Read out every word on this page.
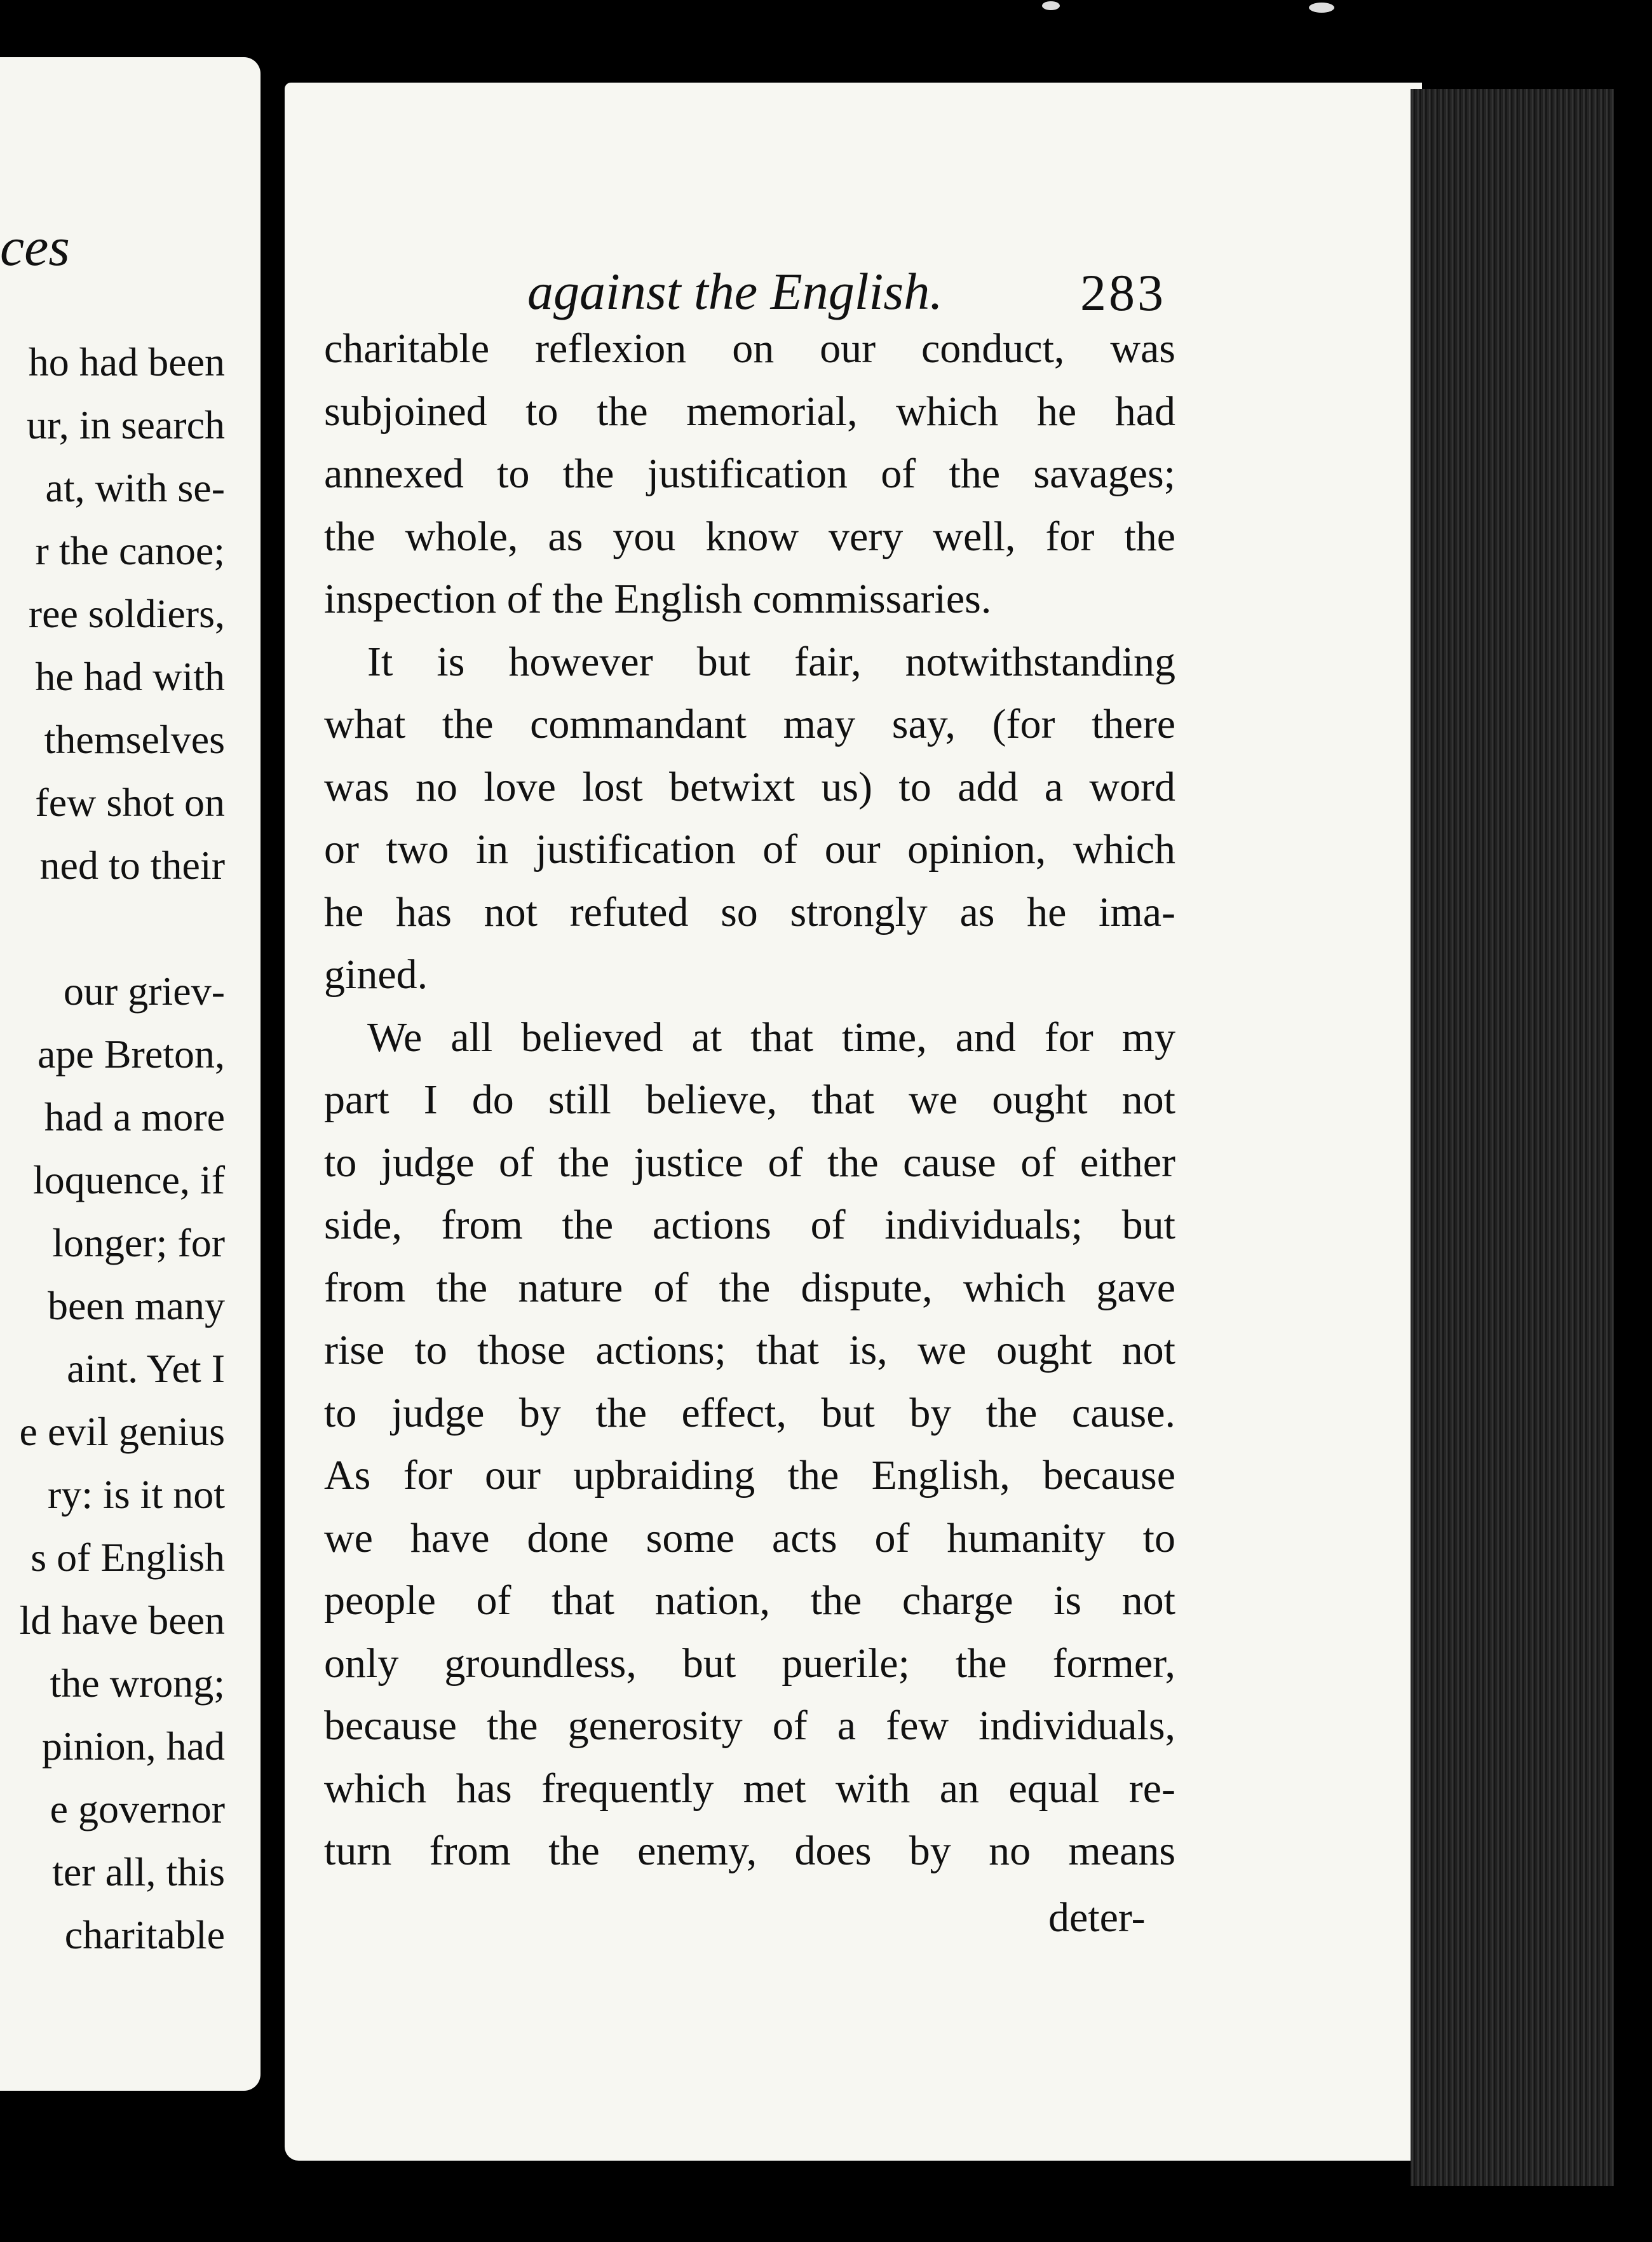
ces
ho had been
ur, in search
at, with se-
r the canoe;
ree soldiers,
he had with
themselves
few shot on
ned to their

our griev-
ape Breton,
had a more
loquence, if
longer; for
been many
aint. Yet I
e evil genius
ry: is it not
s of English
ld have been
the wrong;
pinion, had
e governor
ter all, this
charitable
against the English.	283
charitable reflexion on our conduct, was
subjoined to the memorial, which he had
annexed to the justification of the savages;
the whole, as you know very well, for the
inspection of the English commissaries.
It is however but fair, notwithstanding
what the commandant may say, (for there
was no love lost betwixt us) to add a word
or two in justification of our opinion, which
he has not refuted so strongly as he ima-
gined.
We all believed at that time, and for my
part I do still believe, that we ought not
to judge of the justice of the cause of either
side, from the actions of individuals; but
from the nature of the dispute, which gave
rise to those actions; that is, we ought not
to judge by the effect, but by the cause.
As for our upbraiding the English, because
we have done some acts of humanity to
people of that nation, the charge is not
only groundless, but puerile; the former,
because the generosity of a few individuals,
which has frequently met with an equal re-
turn from the enemy, does by no means
deter-
